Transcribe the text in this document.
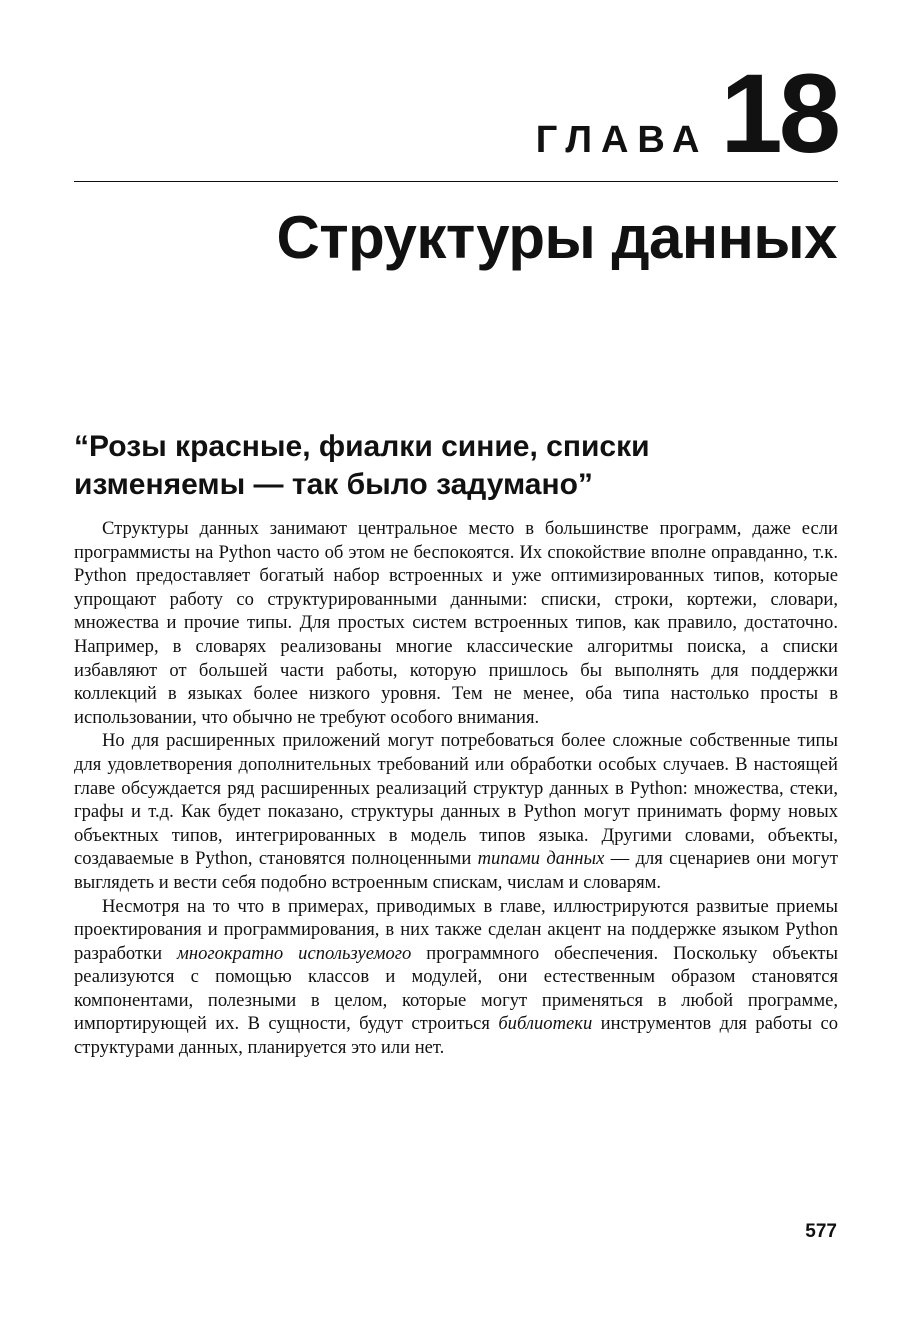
ГЛАВА 18
Структуры данных
“Розы красные, фиалки синие, списки
изменяемы — так было задумано”

Структуры данных занимают центральное место в большинстве программ, даже если программисты на Python часто об этом не беспокоятся. Их спокойствие вполне оправданно, т.к. Python предоставляет богатый набор встроенных и уже оптимизированных типов, которые упрощают работу со структурированными данными: списки, строки, кортежи, словари, множества и прочие типы. Для простых систем встроенных типов, как правило, достаточно. Например, в словарях реализованы многие классические алгоритмы поиска, а списки избавляют от большей части работы, которую пришлось бы выполнять для поддержки коллекций в языках более низкого уровня. Тем не менее, оба типа настолько просты в использовании, что обычно не требуют особого внимания.

Но для расширенных приложений могут потребоваться более сложные собственные типы для удовлетворения дополнительных требований или обработки особых случаев. В настоящей главе обсуждается ряд расширенных реализаций структур данных в Python: множества, стеки, графы и т.д. Как будет показано, структуры данных в Python могут принимать форму новых объектных типов, интегрированных в модель типов языка. Другими словами, объекты, создаваемые в Python, становятся полноценными типами данных — для сценариев они могут выглядеть и вести себя подобно встроенным спискам, числам и словарям.

Несмотря на то что в примерах, приводимых в главе, иллюстрируются развитые приемы проектирования и программирования, в них также сделан акцент на поддержке языком Python разработки многократно используемого программного обеспечения. Поскольку объекты реализуются с помощью классов и модулей, они естественным образом становятся компонентами, полезными в целом, которые могут применяться в любой программе, импортирующей их. В сущности, будут строиться библиотеки инструментов для работы со структурами данных, планируется это или нет.

577
